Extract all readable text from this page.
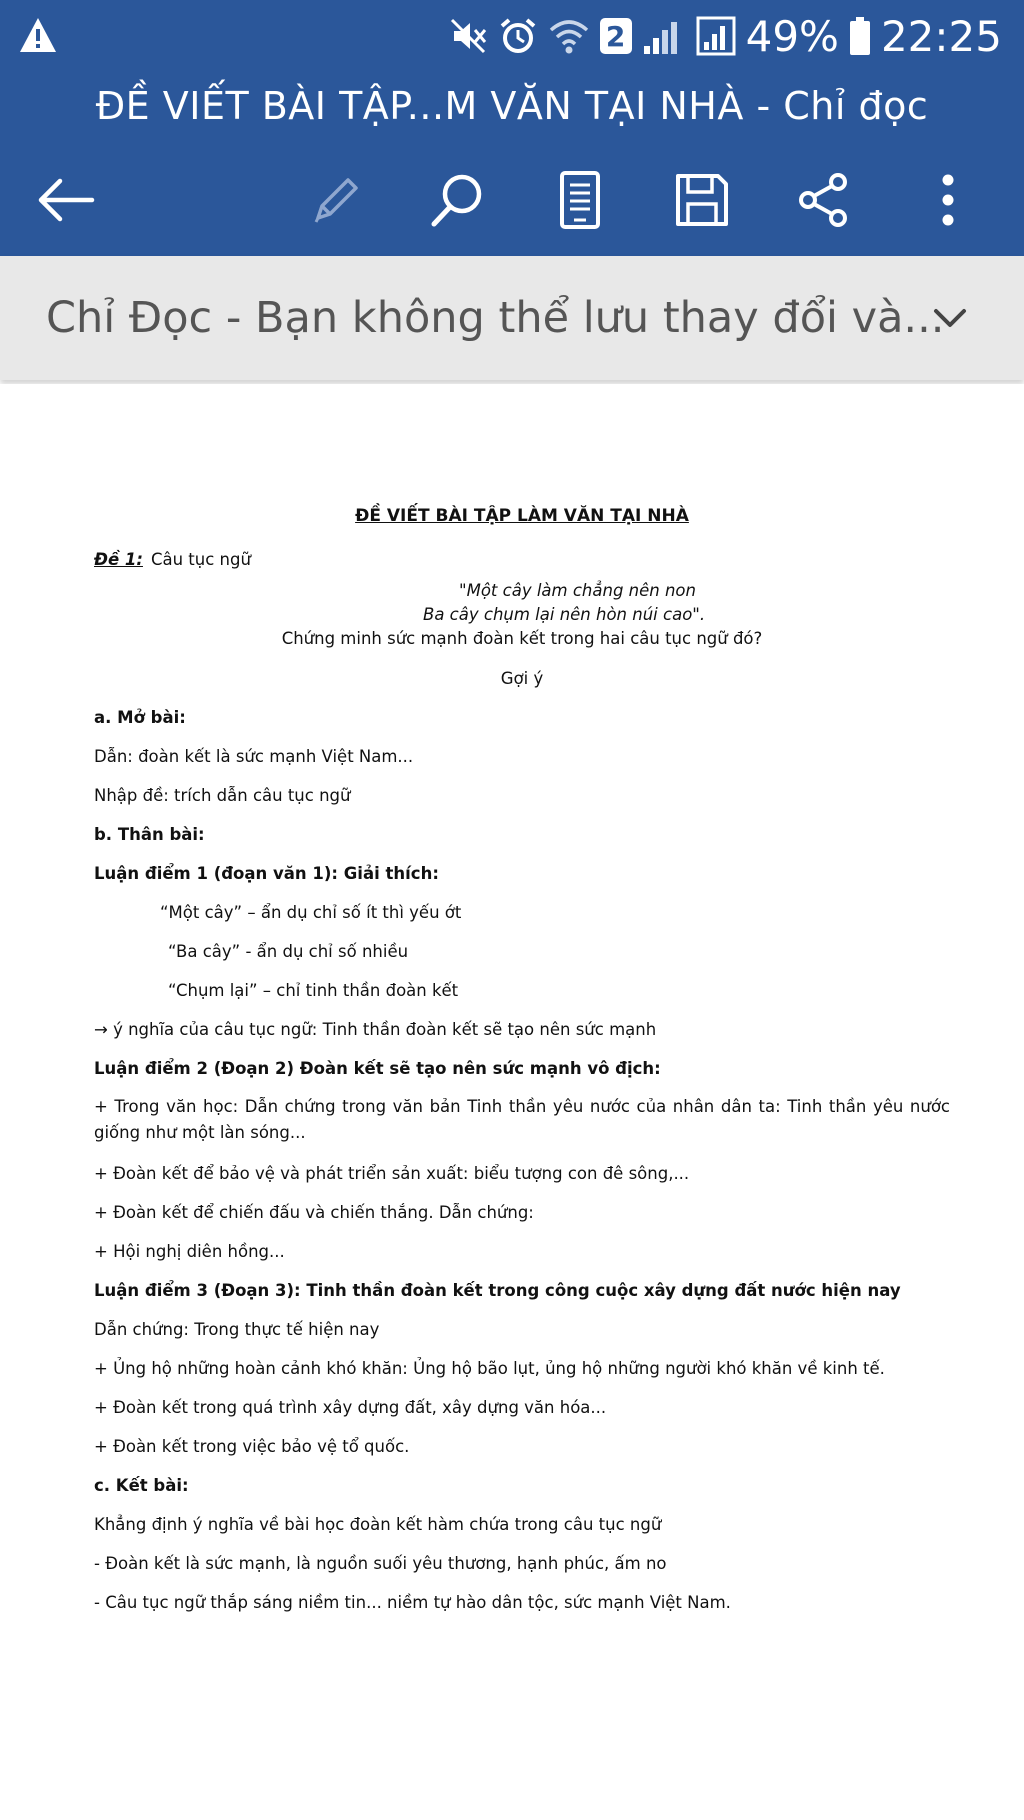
2	49% 22:25
ĐỀ VIẾT BÀI TẬP...M VĂN TẠI NHÀ - Chỉ đọc
Chỉ Đọc - Bạn không thể lưu thay đổi và...
ĐỀ VIẾT BÀI TẬP LÀM VĂN TẠI NHÀ
Đề 1: Câu tục ngữ
"Một cây làm chẳng nên non
Ba cây chụm lại nên hòn núi cao".
Chứng minh sức mạnh đoàn kết trong hai câu tục ngữ đó?
Gợi ý
a. Mở bài:
Dẫn: đoàn kết là sức mạnh Việt Nam...
Nhập đề: trích dẫn câu tục ngữ
b. Thân bài:
Luận điểm 1 (đoạn văn 1): Giải thích:
“Một cây” – ẩn dụ chỉ số ít thì yếu ớt
“Ba cây” - ẩn dụ chỉ số nhiều
“Chụm lại” – chỉ tinh thần đoàn kết
→ ý nghĩa của câu tục ngữ: Tinh thần đoàn kết sẽ tạo nên sức mạnh
Luận điểm 2 (Đoạn 2) Đoàn kết sẽ tạo nên sức mạnh vô địch:
+ Trong văn học: Dẫn chứng trong văn bản Tinh thần yêu nước của nhân dân ta: Tinh thần yêu nước giống như một làn sóng...
+ Đoàn kết để bảo vệ và phát triển sản xuất: biểu tượng con đê sông,...
+ Đoàn kết để chiến đấu và chiến thắng. Dẫn chứng:
+ Hội nghị diên hồng...
Luận điểm 3 (Đoạn 3): Tinh thần đoàn kết trong công cuộc xây dựng đất nước hiện nay
Dẫn chứng: Trong thực tế hiện nay
+ Ủng hộ những hoàn cảnh khó khăn: Ủng hộ bão lụt, ủng hộ những người khó khăn về kinh tế.
+ Đoàn kết trong quá trình xây dựng đất, xây dựng văn hóa...
+ Đoàn kết trong việc bảo vệ tổ quốc.
c. Kết bài:
Khẳng định ý nghĩa về bài học đoàn kết hàm chứa trong câu tục ngữ
- Đoàn kết là sức mạnh, là nguồn suối yêu thương, hạnh phúc, ấm no
- Câu tục ngữ thắp sáng niềm tin... niềm tự hào dân tộc, sức mạnh Việt Nam.
